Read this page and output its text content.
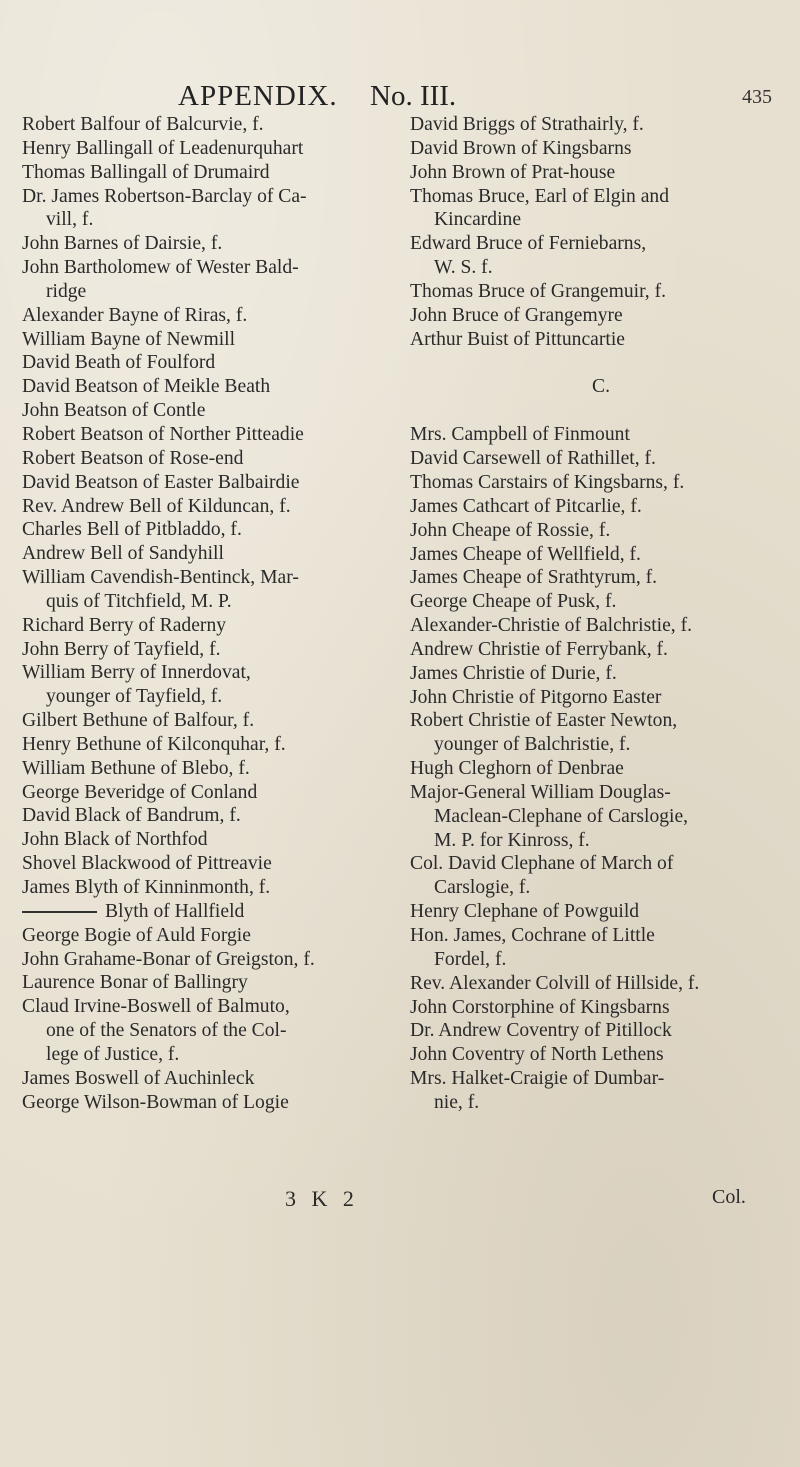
APPENDIX. No. III.	435
Robert Balfour of Balcurvie, f.
Henry Ballingall of Leadenurquhart
Thomas Ballingall of Drumaird
Dr. James Robertson-Barclay of Ca-
vill, f.
John Barnes of Dairsie, f.
John Bartholomew of Wester Bald-
ridge
Alexander Bayne of Riras, f.
William Bayne of Newmill
David Beath of Foulford
David Beatson of Meikle Beath
John Beatson of Contle
Robert Beatson of Norther Pitteadie
Robert Beatson of Rose-end
David Beatson of Easter Balbairdie
Rev. Andrew Bell of Kilduncan, f.
Charles Bell of Pitbladdo, f.
Andrew Bell of Sandyhill
William Cavendish-Bentinck, Mar-
quis of Titchfield, M. P.
Richard Berry of Raderny
John Berry of Tayfield, f.
William Berry of Innerdovat,
younger of Tayfield, f.
Gilbert Bethune of Balfour, f.
Henry Bethune of Kilconquhar, f.
William Bethune of Blebo, f.
George Beveridge of Conland
David Black of Bandrum, f.
John Black of Northfod
Shovel Blackwood of Pittreavie
James Blyth of Kinninmonth, f.
Blyth of Hallfield
George Bogie of Auld Forgie
John Grahame-Bonar of Greigston, f.
Laurence Bonar of Ballingry
Claud Irvine-Boswell of Balmuto,
one of the Senators of the Col-
lege of Justice, f.
James Boswell of Auchinleck
George Wilson-Bowman of Logie
David Briggs of Strathairly, f.
David Brown of Kingsbarns
John Brown of Prat-house
Thomas Bruce, Earl of Elgin and
Kincardine
Edward Bruce of Ferniebarns,
W. S. f.
Thomas Bruce of Grangemuir, f.
John Bruce of Grangemyre
Arthur Buist of Pittuncartie
C.
Mrs. Campbell of Finmount
David Carsewell of Rathillet, f.
Thomas Carstairs of Kingsbarns, f.
James Cathcart of Pitcarlie, f.
John Cheape of Rossie, f.
James Cheape of Wellfield, f.
James Cheape of Srathtyrum, f.
George Cheape of Pusk, f.
Alexander-Christie of Balchristie, f.
Andrew Christie of Ferrybank, f.
James Christie of Durie, f.
John Christie of Pitgorno Easter
Robert Christie of Easter Newton,
younger of Balchristie, f.
Hugh Cleghorn of Denbrae
Major-General William Douglas-
Maclean-Clephane of Carslogie,
M. P. for Kinross, f.
Col. David Clephane of March of
Carslogie, f.
Henry Clephane of Powguild
Hon. James, Cochrane of Little
Fordel, f.
Rev. Alexander Colvill of Hillside, f.
John Corstorphine of Kingsbarns
Dr. Andrew Coventry of Pitillock
John Coventry of North Lethens
Mrs. Halket-Craigie of Dumbar-
nie, f.
3 K 2	Col.
